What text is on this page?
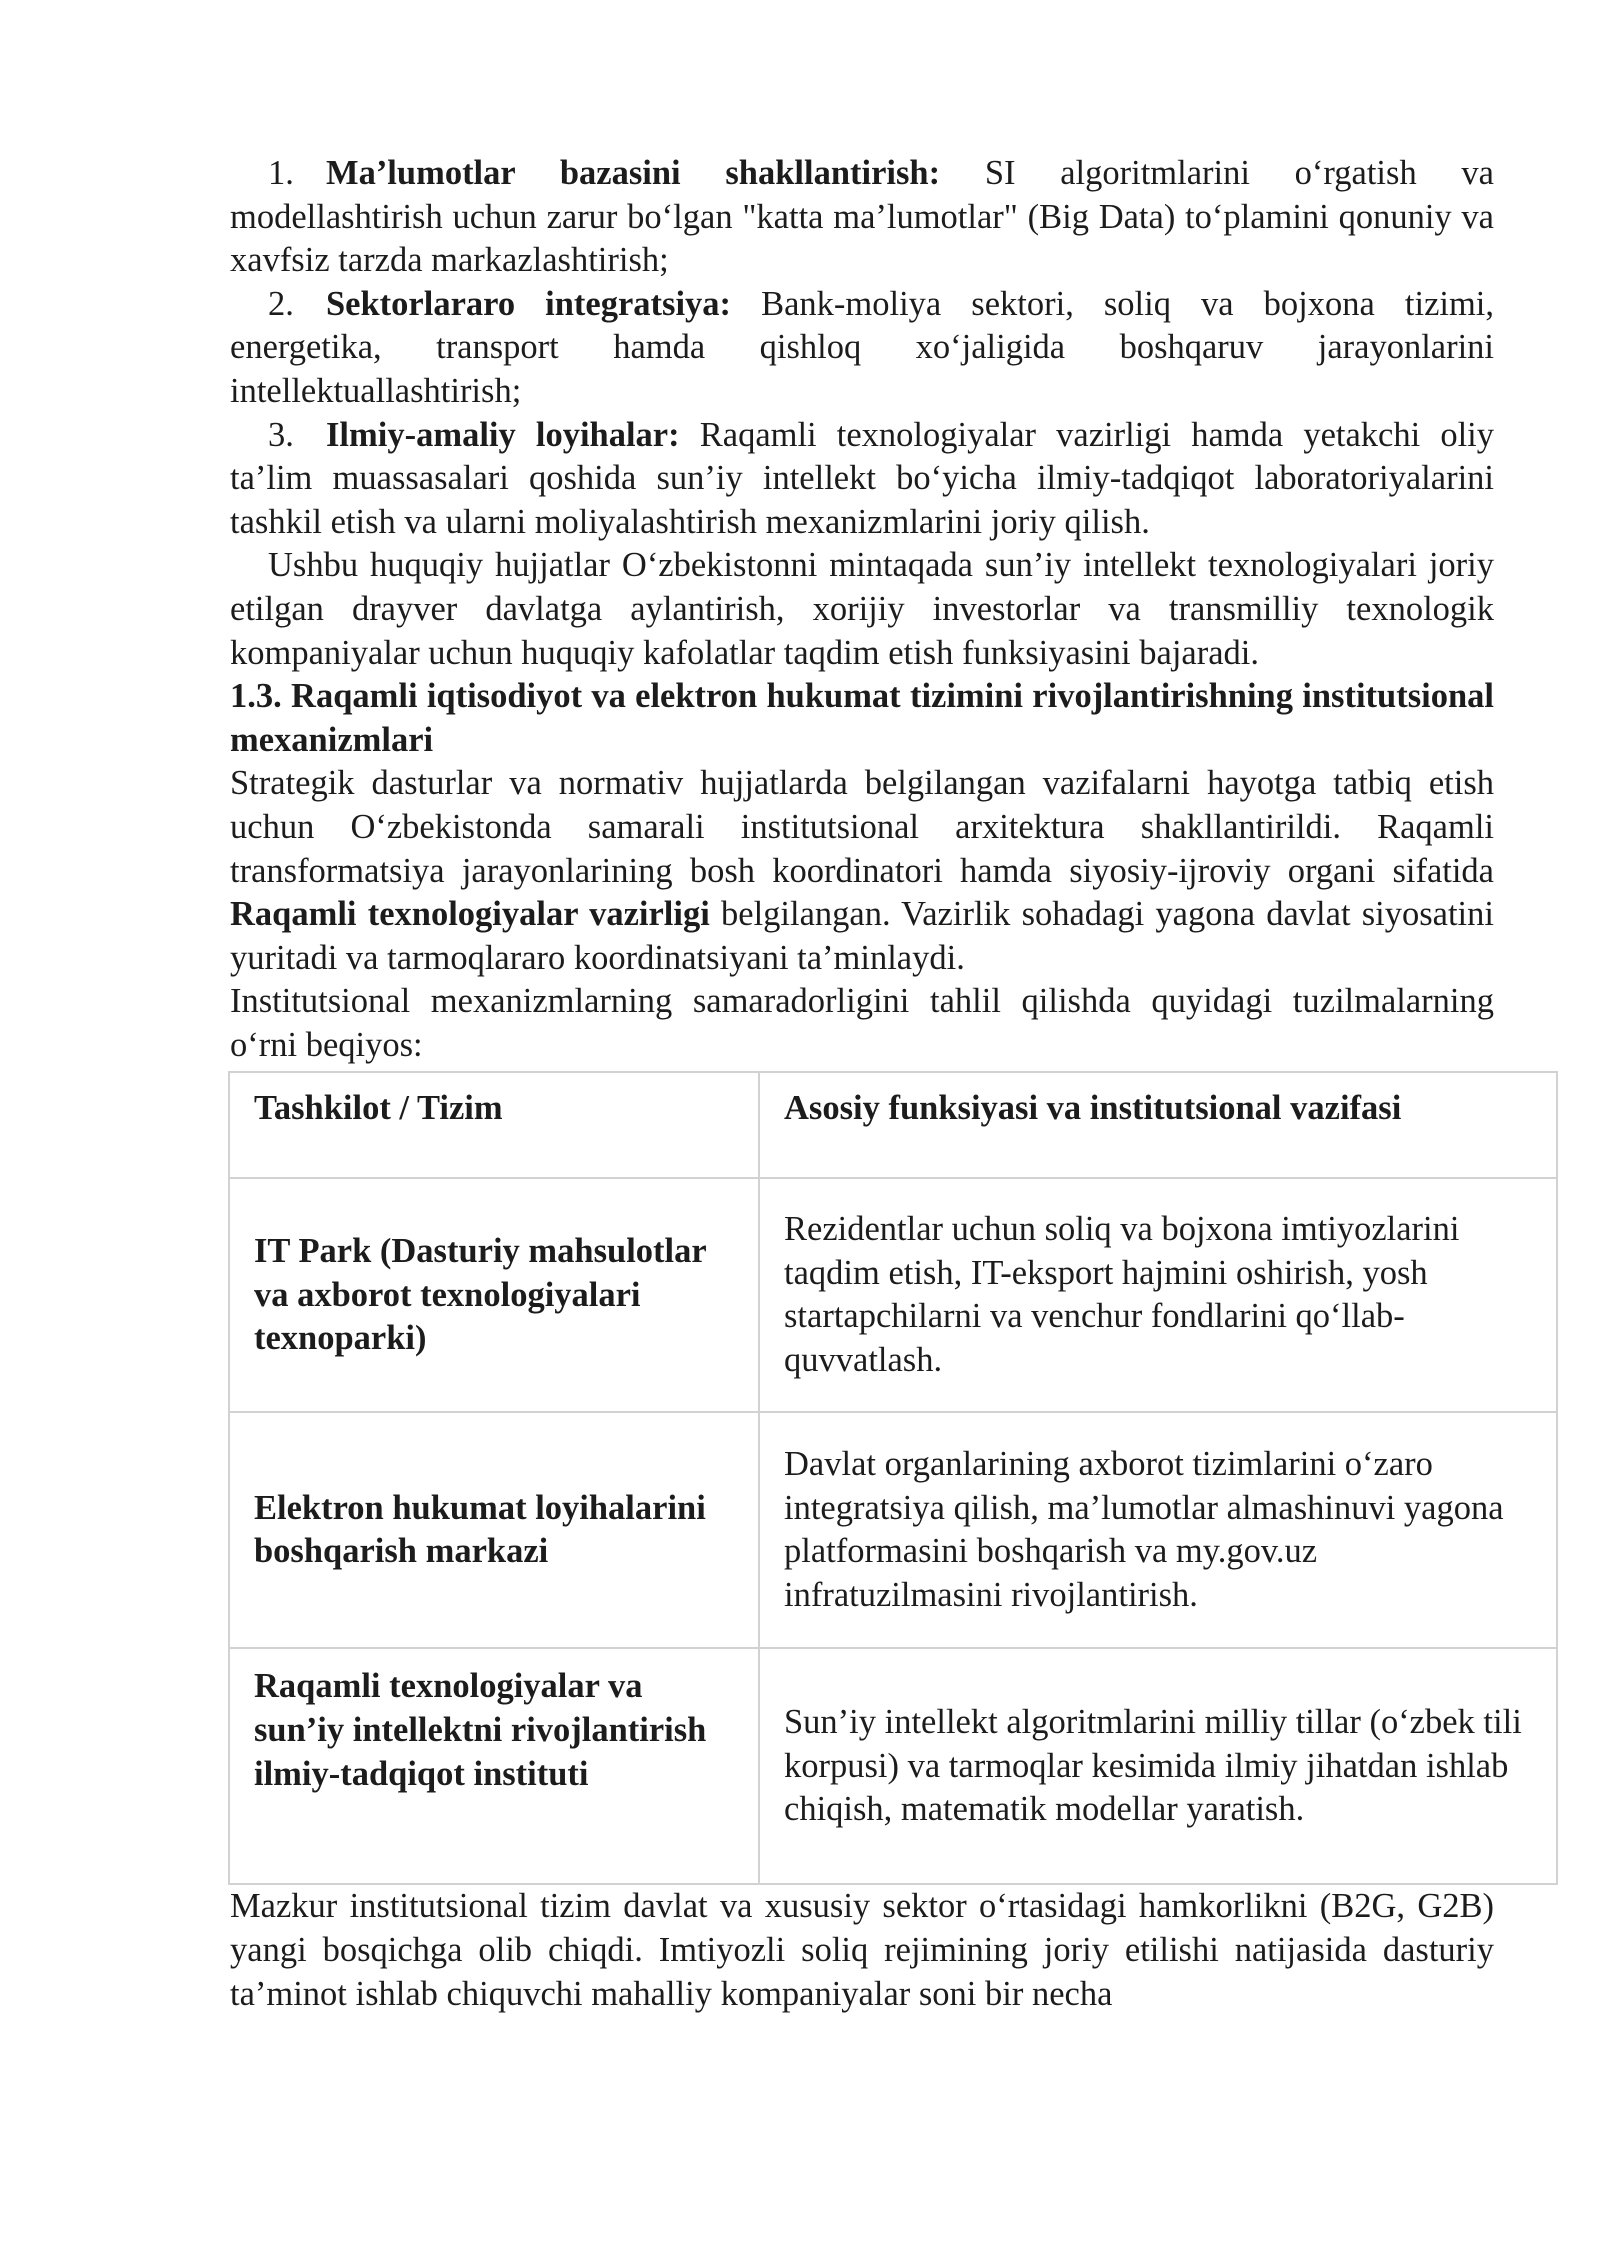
1. Ma’lumotlar bazasini shakllantirish: SI algoritmlarini o‘rgatish va modellashtirish uchun zarur bo‘lgan "katta ma’lumotlar" (Big Data) to‘plamini qonuniy va xavfsiz tarzda markazlashtirish;

2. Sektorlararo integratsiya: Bank-moliya sektori, soliq va bojxona tizimi, energetika, transport hamda qishloq xo‘jaligida boshqaruv jarayonlarini intellektuallashtirish;

3. Ilmiy-amaliy loyihalar: Raqamli texnologiyalar vazirligi hamda yetakchi oliy ta’lim muassasalari qoshida sun’iy intellekt bo‘yicha ilmiy-tadqiqot laboratoriyalarini tashkil etish va ularni moliyalashtirish mexanizmlarini joriy qilish.

Ushbu huquqiy hujjatlar O‘zbekistonni mintaqada sun’iy intellekt texnologiyalari joriy etilgan drayver davlatga aylantirish, xorijiy investorlar va transmilliy texnologik kompaniyalar uchun huquqiy kafolatlar taqdim etish funksiyasini bajaradi.

1.3. Raqamli iqtisodiyot va elektron hukumat tizimini rivojlantirishning institutsional mexanizmlari

Strategik dasturlar va normativ hujjatlarda belgilangan vazifalarni hayotga tatbiq etish uchun O‘zbekistonda samarali institutsional arxitektura shakllantirildi. Raqamli transformatsiya jarayonlarining bosh koordinatori hamda siyosiy-ijroviy organi sifatida Raqamli texnologiyalar vazirligi belgilangan. Vazirlik sohadagi yagona davlat siyosatini yuritadi va tarmoqlararo koordinatsiyani ta’minlaydi.

Institutsional mexanizmlarning samaradorligini tahlil qilishda quyidagi tuzilmalarning o‘rni beqiyos:

Tashkilot / Tizim	Asosiy funksiyasi va institutsional vazifasi
IT Park (Dasturiy mahsulotlar va axborot texnologiyalari texnoparki)	Rezidentlar uchun soliq va bojxona imtiyozlarini taqdim etish, IT-eksport hajmini oshirish, yosh startapchilarni va venchur fondlarini qo‘llab-quvvatlash.
Elektron hukumat loyihalarini boshqarish markazi	Davlat organlarining axborot tizimlarini o‘zaro integratsiya qilish, ma’lumotlar almashinuvi yagona platformasini boshqarish va my.gov.uz infratuzilmasini rivojlantirish.
Raqamli texnologiyalar va sun’iy intellektni rivojlantirish ilmiy-tadqiqot instituti	Sun’iy intellekt algoritmlarini milliy tillar (o‘zbek tili korpusi) va tarmoqlar kesimida ilmiy jihatdan ishlab chiqish, matematik modellar yaratish.

Mazkur institutsional tizim davlat va xususiy sektor o‘rtasidagi hamkorlikni (B2G, G2B) yangi bosqichga olib chiqdi. Imtiyozli soliq rejimining joriy etilishi natijasida dasturiy ta’minot ishlab chiquvchi mahalliy kompaniyalar soni bir necha
